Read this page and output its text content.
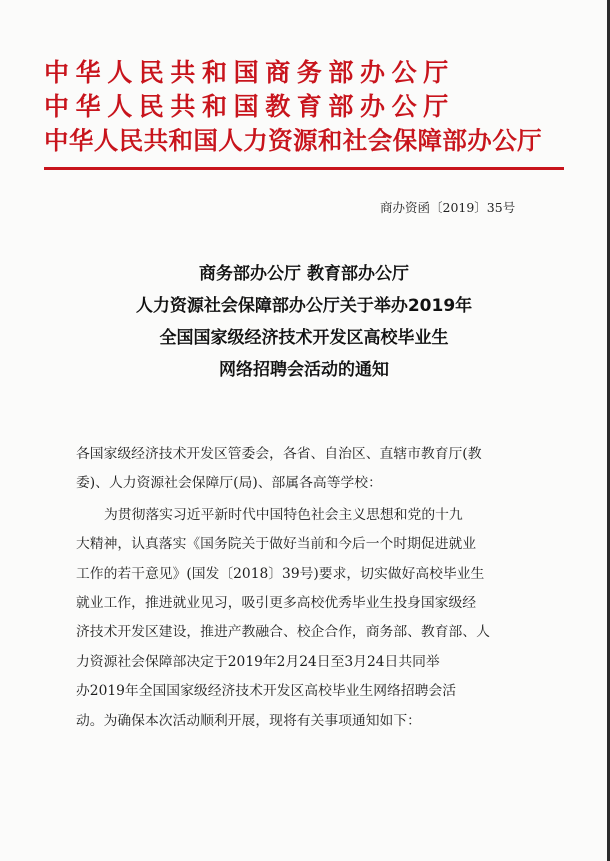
中华人民共和国商务部办公厅
中华人民共和国教育部办公厅
中华人民共和国人力资源和社会保障部办公厅
商办资函〔2019〕35号
商务部办公厅 教育部办公厅
人力资源社会保障部办公厅关于举办2019年
全国国家级经济技术开发区高校毕业生
网络招聘会活动的通知

各国家级经济技术开发区管委会，各省、自治区、直辖市教育厅(教
委)、人力资源社会保障厅(局)、部属各高等学校：

为贯彻落实习近平新时代中国特色社会主义思想和党的十九
大精神，认真落实《国务院关于做好当前和今后一个时期促进就业
工作的若干意见》(国发〔2018〕39号)要求，切实做好高校毕业生
就业工作，推进就业见习，吸引更多高校优秀毕业生投身国家级经
济技术开发区建设，推进产教融合、校企合作，商务部、教育部、人
力资源社会保障部决定于2019年2月24日至3月24日共同举
办2019年全国国家级经济技术开发区高校毕业生网络招聘会活
动。为确保本次活动顺利开展，现将有关事项通知如下：
